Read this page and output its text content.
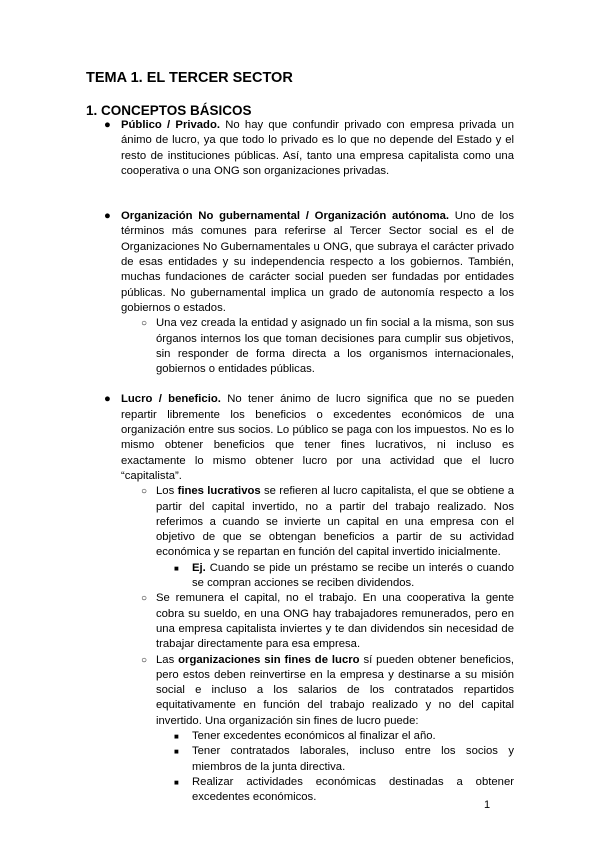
TEMA 1. EL TERCER SECTOR
1. CONCEPTOS BÁSICOS
● Público / Privado. No hay que confundir privado con empresa privada un ánimo de lucro, ya que todo lo privado es lo que no depende del Estado y el resto de instituciones públicas. Así, tanto una empresa capitalista como una cooperativa o una ONG son organizaciones privadas.
● Organización No gubernamental / Organización autónoma. Uno de los términos más comunes para referirse al Tercer Sector social es el de Organizaciones No Gubernamentales u ONG, que subraya el carácter privado de esas entidades y su independencia respecto a los gobiernos. También, muchas fundaciones de carácter social pueden ser fundadas por entidades públicas. No gubernamental implica un grado de autonomía respecto a los gobiernos o estados.
○ Una vez creada la entidad y asignado un fin social a la misma, son sus órganos internos los que toman decisiones para cumplir sus objetivos, sin responder de forma directa a los organismos internacionales, gobiernos o entidades públicas.
● Lucro / beneficio. No tener ánimo de lucro significa que no se pueden repartir libremente los beneficios o excedentes económicos de una organización entre sus socios. Lo público se paga con los impuestos. No es lo mismo obtener beneficios que tener fines lucrativos, ni incluso es exactamente lo mismo obtener lucro por una actividad que el lucro “capitalista”.
○ Los fines lucrativos se refieren al lucro capitalista, el que se obtiene a partir del capital invertido, no a partir del trabajo realizado. Nos referimos a cuando se invierte un capital en una empresa con el objetivo de que se obtengan beneficios a partir de su actividad económica y se repartan en función del capital invertido inicialmente.
■ Ej. Cuando se pide un préstamo se recibe un interés o cuando se compran acciones se reciben dividendos.
○ Se remunera el capital, no el trabajo. En una cooperativa la gente cobra su sueldo, en una ONG hay trabajadores remunerados, pero en una empresa capitalista inviertes y te dan dividendos sin necesidad de trabajar directamente para esa empresa.
○ Las organizaciones sin fines de lucro sí pueden obtener beneficios, pero estos deben reinvertirse en la empresa y destinarse a su misión social e incluso a los salarios de los contratados repartidos equitativamente en función del trabajo realizado y no del capital invertido. Una organización sin fines de lucro puede:
■ Tener excedentes económicos al finalizar el año.
■ Tener contratados laborales, incluso entre los socios y miembros de la junta directiva.
■ Realizar actividades económicas destinadas a obtener excedentes económicos.
1
